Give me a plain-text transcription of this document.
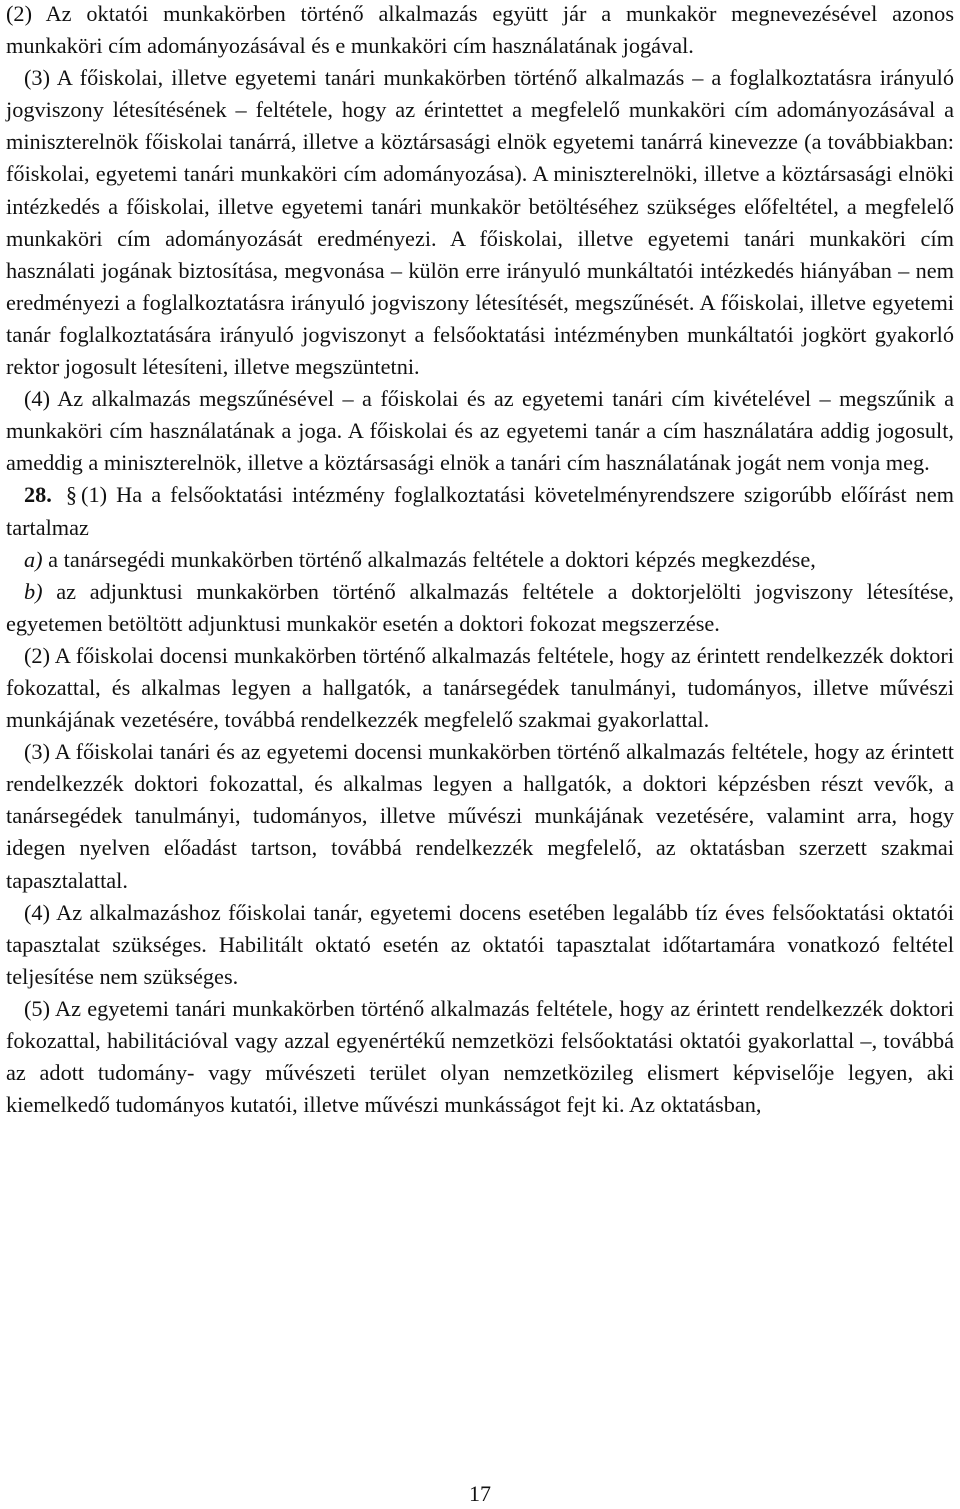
(2) Az oktatói munkakörben történő alkalmazás együtt jár a munkakör megnevezésével azonos munkaköri cím adományozásával és e munkaköri cím használatának jogával.

(3) A főiskolai, illetve egyetemi tanári munkakörben történő alkalmazás – a foglalkoztatásra irányuló jogviszony létesítésének – feltétele, hogy az érintettet a megfelelő munkaköri cím adományozásával a miniszterelnök főiskolai tanárrá, illetve a köztársasági elnök egyetemi tanárrá kinevezze (a továbbiakban: főiskolai, egyetemi tanári munkaköri cím adományozása). A miniszterelnöki, illetve a köztársasági elnöki intézkedés a főiskolai, illetve egyetemi tanári munkakör betöltéséhez szükséges előfeltétel, a megfelelő munkaköri cím adományozását eredményezi. A főiskolai, illetve egyetemi tanári munkaköri cím használati jogának biztosítása, megvonása – külön erre irányuló munkáltatói intézkedés hiányában – nem eredményezi a foglalkoztatásra irányuló jogviszony létesítését, megszűnését. A főiskolai, illetve egyetemi tanár foglalkoztatására irányuló jogviszonyt a felsőoktatási intézményben munkáltatói jogkört gyakorló rektor jogosult létesíteni, illetve megszüntetni.

(4) Az alkalmazás megszűnésével – a főiskolai és az egyetemi tanári cím kivételével – megszűnik a munkaköri cím használatának a joga. A főiskolai és az egyetemi tanár a cím használatára addig jogosult, ameddig a miniszterelnök, illetve a köztársasági elnök a tanári cím használatának jogát nem vonja meg.

28. § (1) Ha a felsőoktatási intézmény foglalkoztatási követelményrendszere szigorúbb előírást nem tartalmaz

a) a tanársegédi munkakörben történő alkalmazás feltétele a doktori képzés megkezdése,

b) az adjunktusi munkakörben történő alkalmazás feltétele a doktorjelölti jogviszony létesítése, egyetemen betöltött adjunktusi munkakör esetén a doktori fokozat megszerzése.

(2) A főiskolai docensi munkakörben történő alkalmazás feltétele, hogy az érintett rendelkezzék doktori fokozattal, és alkalmas legyen a hallgatók, a tanársegédek tanulmányi, tudományos, illetve művészi munkájának vezetésére, továbbá rendelkezzék megfelelő szakmai gyakorlattal.

(3) A főiskolai tanári és az egyetemi docensi munkakörben történő alkalmazás feltétele, hogy az érintett rendelkezzék doktori fokozattal, és alkalmas legyen a hallgatók, a doktori képzésben részt vevők, a tanársegédek tanulmányi, tudományos, illetve művészi munkájának vezetésére, valamint arra, hogy idegen nyelven előadást tartson, továbbá rendelkezzék megfelelő, az oktatásban szerzett szakmai tapasztalattal.

(4) Az alkalmazáshoz főiskolai tanár, egyetemi docens esetében legalább tíz éves felsőoktatási oktatói tapasztalat szükséges. Habilitált oktató esetén az oktatói tapasztalat időtartamára vonatkozó feltétel teljesítése nem szükséges.

(5) Az egyetemi tanári munkakörben történő alkalmazás feltétele, hogy az érintett rendelkezzék doktori fokozattal, habilitációval vagy azzal egyenértékű nemzetközi felsőoktatási oktatói gyakorlattal –, továbbá az adott tudomány- vagy művészeti terület olyan nemzetközileg elismert képviselője legyen, aki kiemelkedő tudományos kutatói, illetve művészi munkásságot fejt ki. Az oktatásban,

17
